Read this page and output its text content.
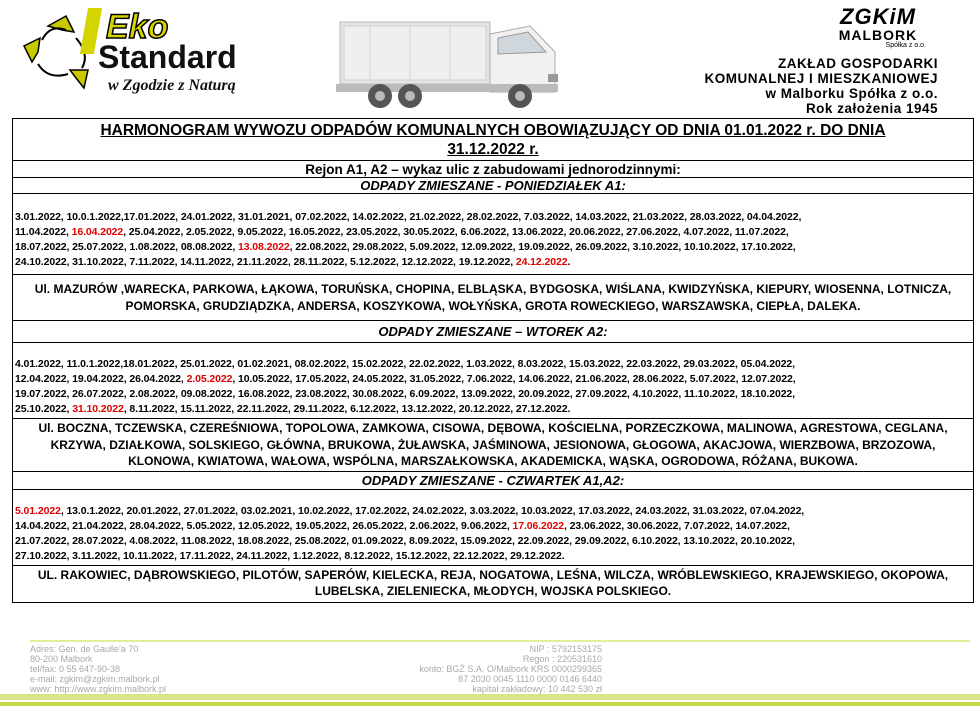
Eko
Standard
w Zgodzie z Naturą
ZGKiM
MALBORK
Spółka z o.o.
ZAKŁAD GOSPODARKI
KOMUNALNEJ I MIESZKANIOWEJ
w Malborku Spółka z o.o.
Rok założenia 1945
HARMONOGRAM WYWOZU ODPADÓW KOMUNALNYCH OBOWIĄZUJĄCY OD DNIA 01.01.2022 r. DO DNIA
31.12.2022 r.
Rejon A1, A2 – wykaz ulic z zabudowami jednorodzinnymi:
ODPADY ZMIESZANE - PONIEDZIAŁEK A1:
3.01.2022, 10.0.1.2022,17.01.2022, 24.01.2022, 31.01.2021, 07.02.2022, 14.02.2022, 21.02.2022, 28.02.2022, 7.03.2022, 14.03.2022, 21.03.2022, 28.03.2022, 04.04.2022,
11.04.2022, 16.04.2022, 25.04.2022, 2.05.2022, 9.05.2022, 16.05.2022, 23.05.2022, 30.05.2022, 6.06.2022, 13.06.2022, 20.06.2022, 27.06.2022, 4.07.2022, 11.07.2022,
18.07.2022, 25.07.2022, 1.08.2022, 08.08.2022, 13.08.2022, 22.08.2022, 29.08.2022, 5.09.2022, 12.09.2022, 19.09.2022, 26.09.2022, 3.10.2022, 10.10.2022, 17.10.2022,
24.10.2022, 31.10.2022, 7.11.2022, 14.11.2022, 21.11.2022, 28.11.2022, 5.12.2022, 12.12.2022, 19.12.2022, 24.12.2022.
Ul. MAZURÓW ,WARECKA, PARKOWA, ŁĄKOWA, TORUŃSKA, CHOPINA, ELBLĄSKA, BYDGOSKA, WIŚLANA, KWIDZYŃSKA, KIEPURY, WIOSENNA, LOTNICZA, POMORSKA, GRUDZIĄDZKA, ANDERSA, KOSZYKOWA, WOŁYŃSKA, GROTA ROWECKIEGO, WARSZAWSKA, CIEPŁA, DALEKA.
ODPADY ZMIESZANE – WTOREK A2:
4.01.2022, 11.0.1.2022,18.01.2022, 25.01.2022, 01.02.2021, 08.02.2022, 15.02.2022, 22.02.2022, 1.03.2022, 8.03.2022, 15.03.2022, 22.03.2022, 29.03.2022, 05.04.2022,
12.04.2022, 19.04.2022, 26.04.2022, 2.05.2022, 10.05.2022, 17.05.2022, 24.05.2022, 31.05.2022, 7.06.2022, 14.06.2022, 21.06.2022, 28.06.2022, 5.07.2022, 12.07.2022,
19.07.2022, 26.07.2022, 2.08.2022, 09.08.2022, 16.08.2022, 23.08.2022, 30.08.2022, 6.09.2022, 13.09.2022, 20.09.2022, 27.09.2022, 4.10.2022, 11.10.2022, 18.10.2022,
25.10.2022, 31.10.2022, 8.11.2022, 15.11.2022, 22.11.2022, 29.11.2022, 6.12.2022, 13.12.2022, 20.12.2022, 27.12.2022.
Ul. BOCZNA, TCZEWSKA, CZEREŚNIOWA, TOPOLOWA, ZAMKOWA, CISOWA, DĘBOWA, KOŚCIELNA, PORZECZKOWA, MALINOWA, AGRESTOWA, CEGLANA, KRZYWA, DZIAŁKOWA, SOLSKIEGO, GŁÓWNA, BRUKOWA, ŻUŁAWSKA, JAŚMINOWA, JESIONOWA, GŁOGOWA, AKACJOWA, WIERZBOWA, BRZOZOWA, KLONOWA, KWIATOWA, WAŁOWA, WSPÓLNA, MARSZAŁKOWSKA, AKADEMICKA, WĄSKA, OGRODOWA, RÓŻANA, BUKOWA.
ODPADY ZMIESZANE - CZWARTEK A1,A2:
5.01.2022, 13.0.1.2022, 20.01.2022, 27.01.2022, 03.02.2021, 10.02.2022, 17.02.2022, 24.02.2022, 3.03.2022, 10.03.2022, 17.03.2022, 24.03.2022, 31.03.2022, 07.04.2022,
14.04.2022, 21.04.2022, 28.04.2022, 5.05.2022, 12.05.2022, 19.05.2022, 26.05.2022, 2.06.2022, 9.06.2022, 17.06.2022, 23.06.2022, 30.06.2022, 7.07.2022, 14.07.2022,
21.07.2022, 28.07.2022, 4.08.2022, 11.08.2022, 18.08.2022, 25.08.2022, 01.09.2022, 8.09.2022, 15.09.2022, 22.09.2022, 29.09.2022, 6.10.2022, 13.10.2022, 20.10.2022,
27.10.2022, 3.11.2022, 10.11.2022, 17.11.2022, 24.11.2022, 1.12.2022, 8.12.2022, 15.12.2022, 22.12.2022, 29.12.2022.
UL. RAKOWIEC, DĄBROWSKIEGO, PILOTÓW, SAPERÓW, KIELECKA, REJA, NOGATOWA, LEŚNA, WILCZA, WRÓBLEWSKIEGO, KRAJEWSKIEGO, OKOPOWA, LUBELSKA, ZIELENIECKA, MŁODYCH, WOJSKA POLSKIEGO.
Adres: Gen. de Gaulle'a 70
80-200 Malbork
tel/fax: 0 55 647-90-38
e-mail: zgkim@zgkim.malbork.pl
www: http://www.zgkim.malbork.pl
NIP : 5792153175
Regon : 220531610
konto: BGŻ S.A. O/Malbork KRS 0000299365
87 2030 0045 1110 0000 0146 6440
kapitał zakładowy: 10 442 530 zł
